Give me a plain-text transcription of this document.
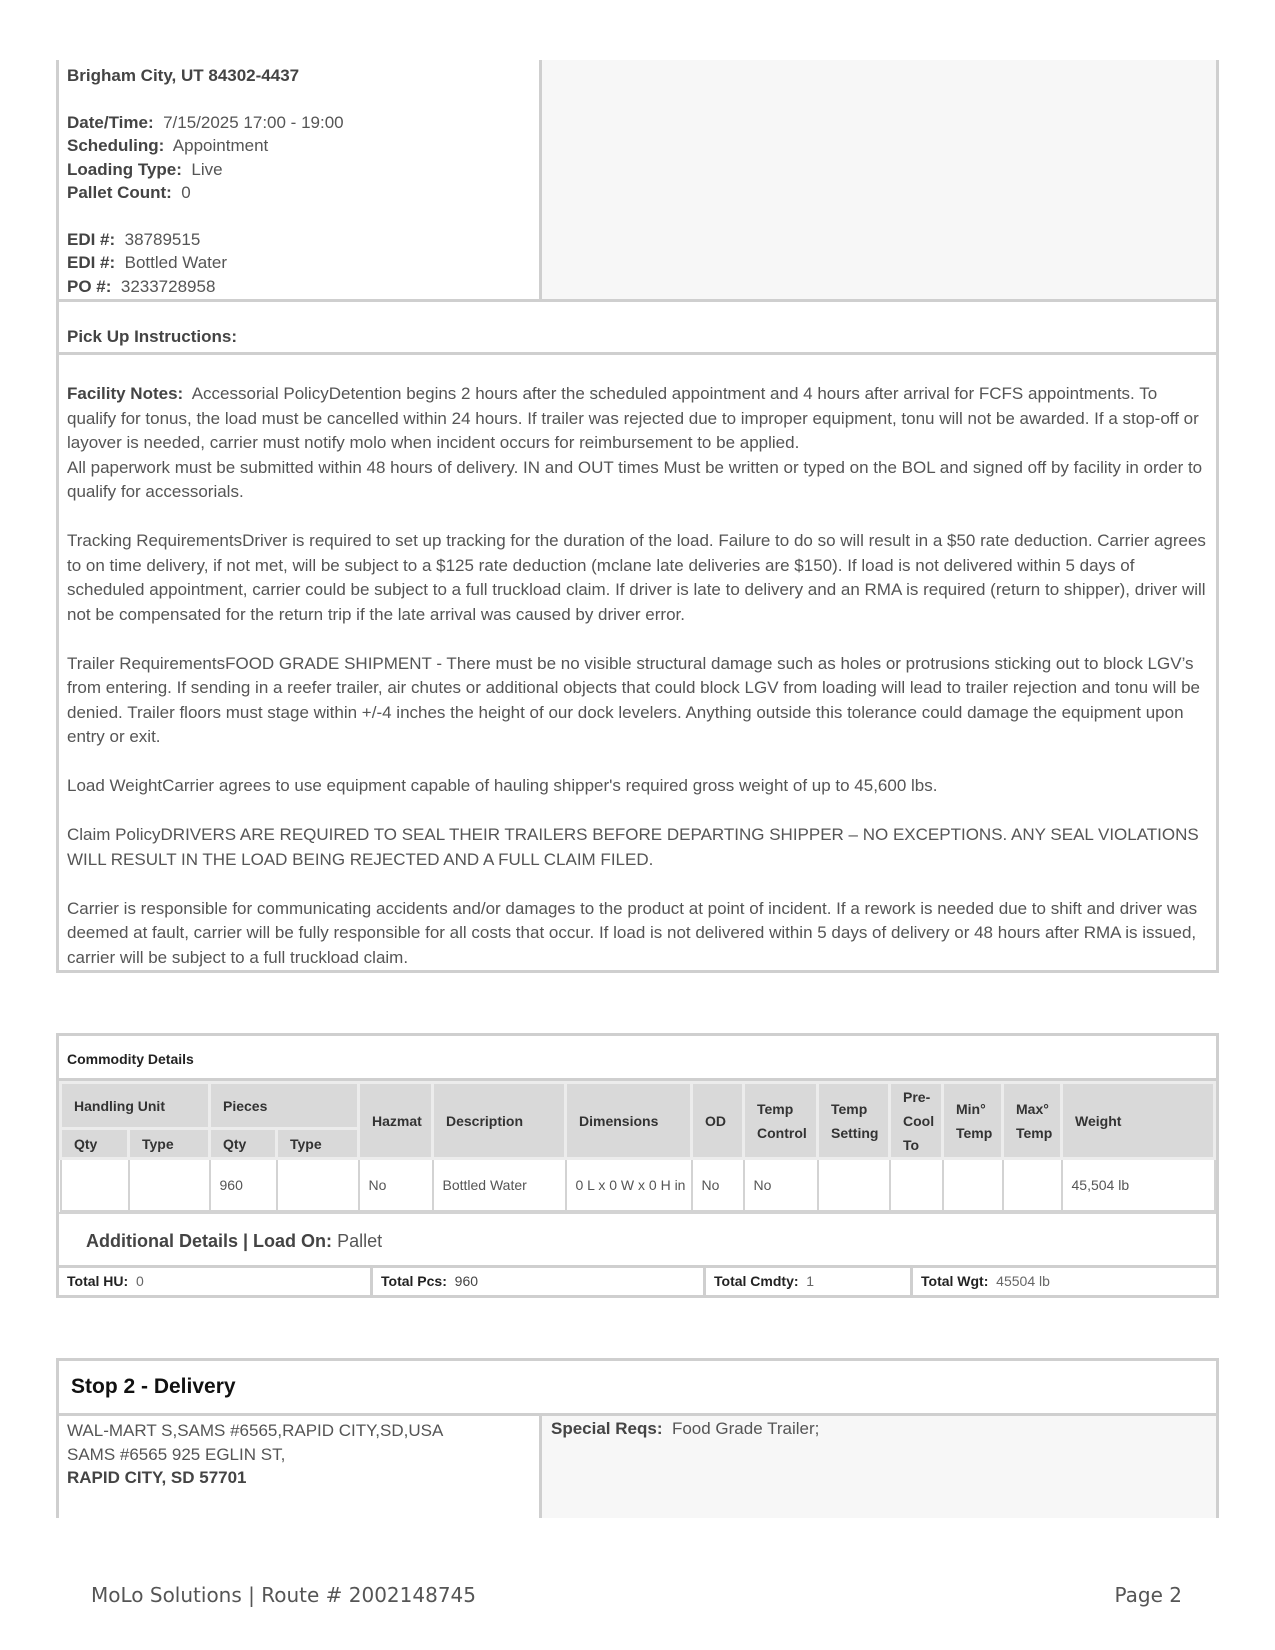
Brigham City, UT 84302-4437
Date/Time: 7/15/2025 17:00 - 19:00
Scheduling: Appointment
Loading Type: Live
Pallet Count: 0
EDI #: 38789515
EDI #: Bottled Water
PO #: 3233728958
Pick Up Instructions:

Facility Notes: Accessorial PolicyDetention begins 2 hours after the scheduled appointment and 4 hours after arrival for FCFS appointments. To qualify for tonus, the load must be cancelled within 24 hours. If trailer was rejected due to improper equipment, tonu will not be awarded. If a stop-off or layover is needed, carrier must notify molo when incident occurs for reimbursement to be applied.

All paperwork must be submitted within 48 hours of delivery. IN and OUT times Must be written or typed on the BOL and signed off by facility in order to qualify for accessorials.

Tracking RequirementsDriver is required to set up tracking for the duration of the load. Failure to do so will result in a $50 rate deduction. Carrier agrees to on time delivery, if not met, will be subject to a $125 rate deduction (mclane late deliveries are $150). If load is not delivered within 5 days of scheduled appointment, carrier could be subject to a full truckload claim. If driver is late to delivery and an RMA is required (return to shipper), driver will not be compensated for the return trip if the late arrival was caused by driver error.

Trailer RequirementsFOOD GRADE SHIPMENT - There must be no visible structural damage such as holes or protrusions sticking out to block LGV’s from entering. If sending in a reefer trailer, air chutes or additional objects that could block LGV from loading will lead to trailer rejection and tonu will be denied. Trailer floors must stage within +/-4 inches the height of our dock levelers. Anything outside this tolerance could damage the equipment upon entry or exit.

Load WeightCarrier agrees to use equipment capable of hauling shipper's required gross weight of up to 45,600 lbs.

Claim PolicyDRIVERS ARE REQUIRED TO SEAL THEIR TRAILERS BEFORE DEPARTING SHIPPER – NO EXCEPTIONS. ANY SEAL VIOLATIONS WILL RESULT IN THE LOAD BEING REJECTED AND A FULL CLAIM FILED.

Carrier is responsible for communicating accidents and/or damages to the product at point of incident. If a rework is needed due to shift and driver was deemed at fault, carrier will be fully responsible for all costs that occur. If load is not delivered within 5 days of delivery or 48 hours after RMA is issued, carrier will be subject to a full truckload claim.

Commodity Details
Handling Unit		Pieces		Hazmat	Description	Dimensions	OD	Temp Control	Temp Setting	Pre-Cool To	Min° Temp	Max° Temp	Weight
Qty	Type	Qty	Type										
		960		No	Bottled Water	0 L x 0 W x 0 H in	No	No					45,504 lb
Additional Details | Load On: Pallet
Total HU: 0	Total Pcs: 960	Total Cmdty: 1	Total Wgt: 45504 lb
Stop 2 - Delivery
WAL-MART S,SAMS #6565,RAPID CITY,SD,USA
SAMS #6565 925 EGLIN ST,
RAPID CITY, SD 57701
Special Reqs: Food Grade Trailer;
MoLo Solutions | Route # 2002148745	Page 2
